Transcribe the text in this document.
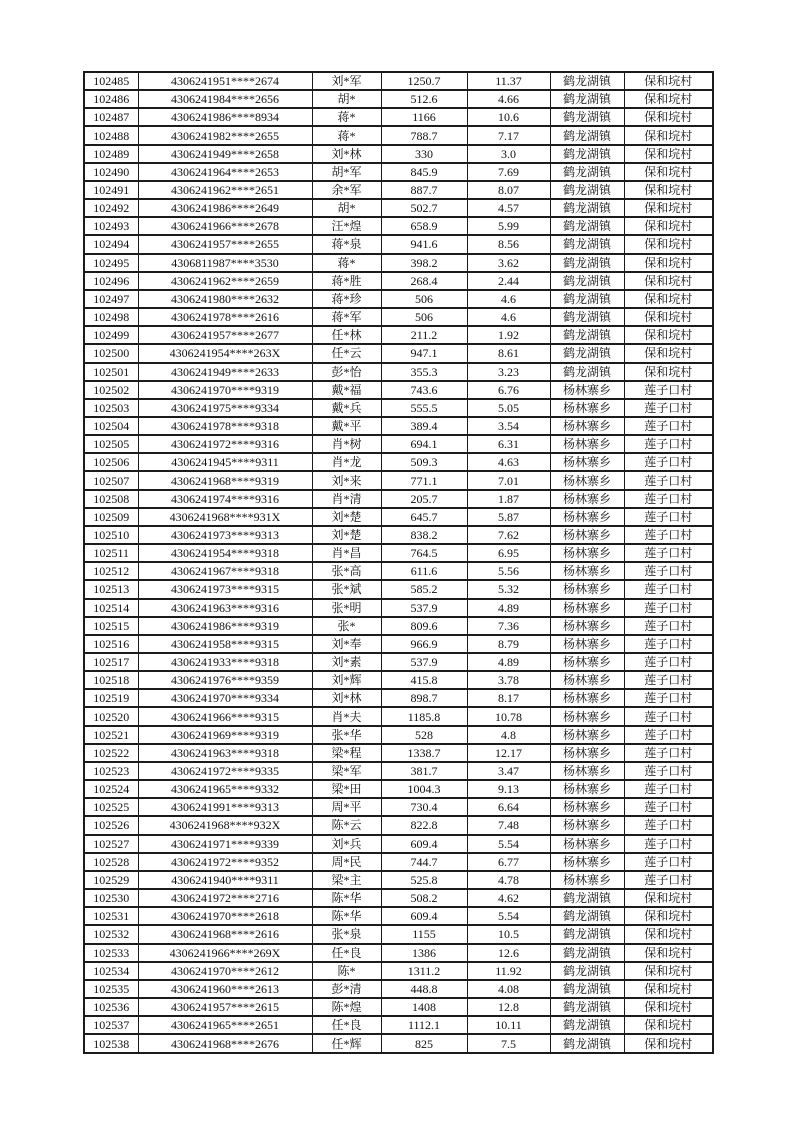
102485	4306241951****2674	刘*军	1250.7	11.37	鹤龙湖镇	保和垸村
102486	4306241984****2656	胡*	512.6	4.66	鹤龙湖镇	保和垸村
102487	4306241986****8934	蒋*	1166	10.6	鹤龙湖镇	保和垸村
102488	4306241982****2655	蒋*	788.7	7.17	鹤龙湖镇	保和垸村
102489	4306241949****2658	刘*林	330	3.0	鹤龙湖镇	保和垸村
102490	4306241964****2653	胡*军	845.9	7.69	鹤龙湖镇	保和垸村
102491	4306241962****2651	余*军	887.7	8.07	鹤龙湖镇	保和垸村
102492	4306241986****2649	胡*	502.7	4.57	鹤龙湖镇	保和垸村
102493	4306241966****2678	汪*煌	658.9	5.99	鹤龙湖镇	保和垸村
102494	4306241957****2655	蒋*泉	941.6	8.56	鹤龙湖镇	保和垸村
102495	4306811987****3530	蒋*	398.2	3.62	鹤龙湖镇	保和垸村
102496	4306241962****2659	蒋*胜	268.4	2.44	鹤龙湖镇	保和垸村
102497	4306241980****2632	蒋*珍	506	4.6	鹤龙湖镇	保和垸村
102498	4306241978****2616	蒋*军	506	4.6	鹤龙湖镇	保和垸村
102499	4306241957****2677	任*林	211.2	1.92	鹤龙湖镇	保和垸村
102500	4306241954****263X	任*云	947.1	8.61	鹤龙湖镇	保和垸村
102501	4306241949****2633	彭*怡	355.3	3.23	鹤龙湖镇	保和垸村
102502	4306241970****9319	戴*福	743.6	6.76	杨林寨乡	莲子口村
102503	4306241975****9334	戴*兵	555.5	5.05	杨林寨乡	莲子口村
102504	4306241978****9318	戴*平	389.4	3.54	杨林寨乡	莲子口村
102505	4306241972****9316	肖*树	694.1	6.31	杨林寨乡	莲子口村
102506	4306241945****9311	肖*龙	509.3	4.63	杨林寨乡	莲子口村
102507	4306241968****9319	刘*来	771.1	7.01	杨林寨乡	莲子口村
102508	4306241974****9316	肖*清	205.7	1.87	杨林寨乡	莲子口村
102509	4306241968****931X	刘*楚	645.7	5.87	杨林寨乡	莲子口村
102510	4306241973****9313	刘*楚	838.2	7.62	杨林寨乡	莲子口村
102511	4306241954****9318	肖*昌	764.5	6.95	杨林寨乡	莲子口村
102512	4306241967****9318	张*高	611.6	5.56	杨林寨乡	莲子口村
102513	4306241973****9315	张*斌	585.2	5.32	杨林寨乡	莲子口村
102514	4306241963****9316	张*明	537.9	4.89	杨林寨乡	莲子口村
102515	4306241986****9319	张*	809.6	7.36	杨林寨乡	莲子口村
102516	4306241958****9315	刘*奉	966.9	8.79	杨林寨乡	莲子口村
102517	4306241933****9318	刘*素	537.9	4.89	杨林寨乡	莲子口村
102518	4306241976****9359	刘*辉	415.8	3.78	杨林寨乡	莲子口村
102519	4306241970****9334	刘*林	898.7	8.17	杨林寨乡	莲子口村
102520	4306241966****9315	肖*夫	1185.8	10.78	杨林寨乡	莲子口村
102521	4306241969****9319	张*华	528	4.8	杨林寨乡	莲子口村
102522	4306241963****9318	梁*程	1338.7	12.17	杨林寨乡	莲子口村
102523	4306241972****9335	梁*军	381.7	3.47	杨林寨乡	莲子口村
102524	4306241965****9332	梁*田	1004.3	9.13	杨林寨乡	莲子口村
102525	4306241991****9313	周*平	730.4	6.64	杨林寨乡	莲子口村
102526	4306241968****932X	陈*云	822.8	7.48	杨林寨乡	莲子口村
102527	4306241971****9339	刘*兵	609.4	5.54	杨林寨乡	莲子口村
102528	4306241972****9352	周*民	744.7	6.77	杨林寨乡	莲子口村
102529	4306241940****9311	梁*主	525.8	4.78	杨林寨乡	莲子口村
102530	4306241972****2716	陈*华	508.2	4.62	鹤龙湖镇	保和垸村
102531	4306241970****2618	陈*华	609.4	5.54	鹤龙湖镇	保和垸村
102532	4306241968****2616	张*泉	1155	10.5	鹤龙湖镇	保和垸村
102533	4306241966****269X	任*良	1386	12.6	鹤龙湖镇	保和垸村
102534	4306241970****2612	陈*	1311.2	11.92	鹤龙湖镇	保和垸村
102535	4306241960****2613	彭*清	448.8	4.08	鹤龙湖镇	保和垸村
102536	4306241957****2615	陈*煌	1408	12.8	鹤龙湖镇	保和垸村
102537	4306241965****2651	任*良	1112.1	10.11	鹤龙湖镇	保和垸村
102538	4306241968****2676	任*辉	825	7.5	鹤龙湖镇	保和垸村
